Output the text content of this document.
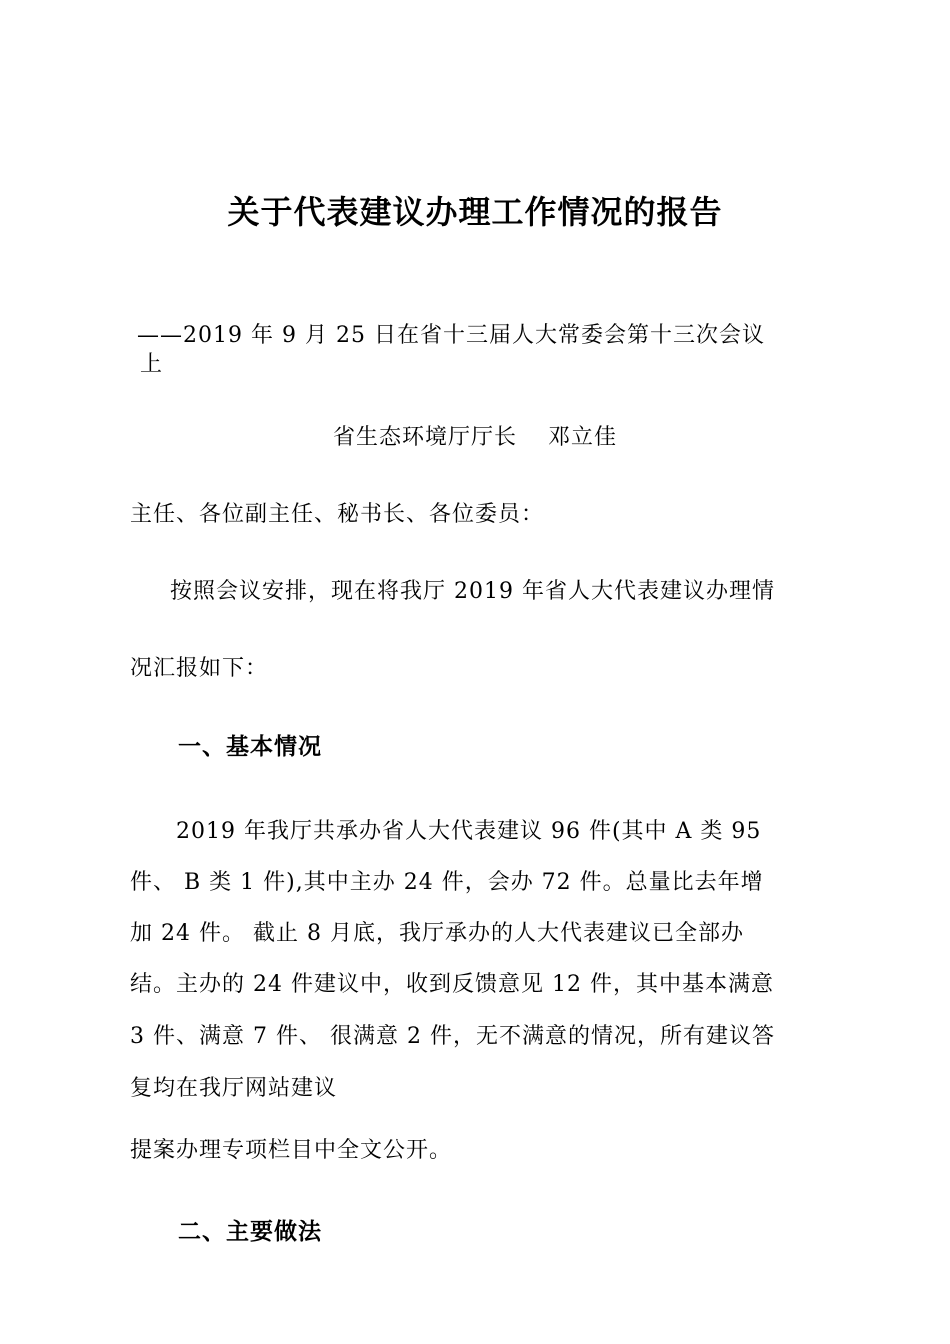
关于代表建议办理工作情况的报告

——2019 年 9 月 25 日在省十三届人大常委会第十三次会议

上

省生态环境厅厅长　 邓立佳

主任、各位副主任、秘书长、各位委员：

按照会议安排，现在将我厅 2019 年省人大代表建议办理情

况汇报如下：

一、基本情况

2019 年我厅共承办省人大代表建议 96 件(其中 A 类 95

件、 B 类 1 件),其中主办 24 件，会办 72 件。总量比去年增

加 24 件。 截止 8 月底，我厅承办的人大代表建议已全部办

结。主办的 24 件建议中，收到反馈意见 12 件，其中基本满意

3 件、满意 7 件、 很满意 2 件，无不满意的情况，所有建议答

复均在我厅网站建议

提案办理专项栏目中全文公开。

二、主要做法
